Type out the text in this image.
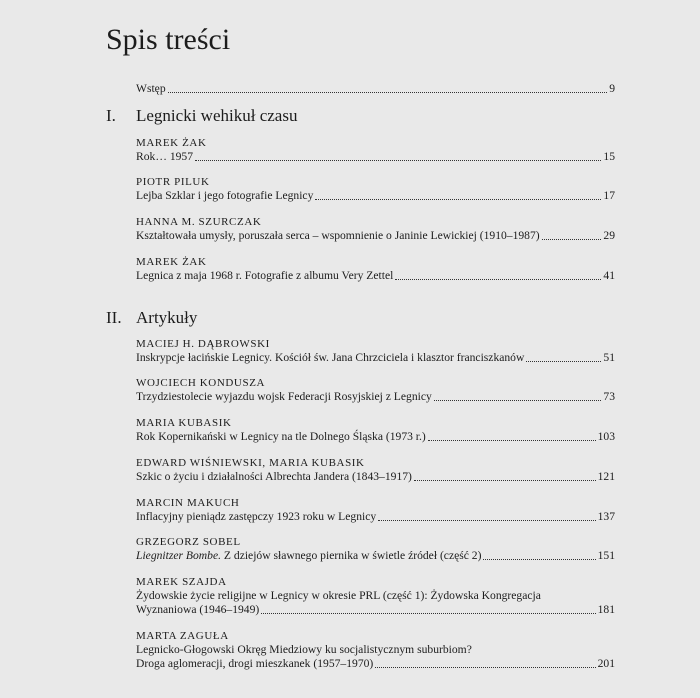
Spis treści
Wstęp	9
I. Legnicki wehikuł czasu
MAREK ŻAK
Rok… 1957	15
PIOTR PILUK
Lejba Szklar i jego fotografie Legnicy	17
HANNA M. SZURCZAK
Kształtowała umysły, poruszała serca – wspomnienie o Janinie Lewickiej (1910–1987)	29
MAREK ŻAK
Legnica z maja 1968 r. Fotografie z albumu Very Zettel	41
II. Artykuły
MACIEJ H. DĄBROWSKI
Inskrypcje łacińskie Legnicy. Kościół św. Jana Chrzciciela i klasztor franciszkanów	51
WOJCIECH KONDUSZA
Trzydziestolecie wyjazdu wojsk Federacji Rosyjskiej z Legnicy	73
MARIA KUBASIK
Rok Kopernikański w Legnicy na tle Dolnego Śląska (1973 r.)	103
EDWARD WIŚNIEWSKI, MARIA KUBASIK
Szkic o życiu i działalności Albrechta Jandera (1843–1917)	121
MARCIN MAKUCH
Inflacyjny pieniądz zastępczy 1923 roku w Legnicy	137
GRZEGORZ SOBEL
Liegnitzer Bombe. Z dziejów sławnego piernika w świetle źródeł (część 2)	151
MAREK SZAJDA
Żydowskie życie religijne w Legnicy w okresie PRL (część 1): Żydowska Kongregacja
Wyznaniowa (1946–1949)	181
MARTA ZAGUŁA
Legnicko-Głogowski Okręg Miedziowy ku socjalistycznym suburbiom?
Droga aglomeracji, drogi mieszkanek (1957–1970)	201
